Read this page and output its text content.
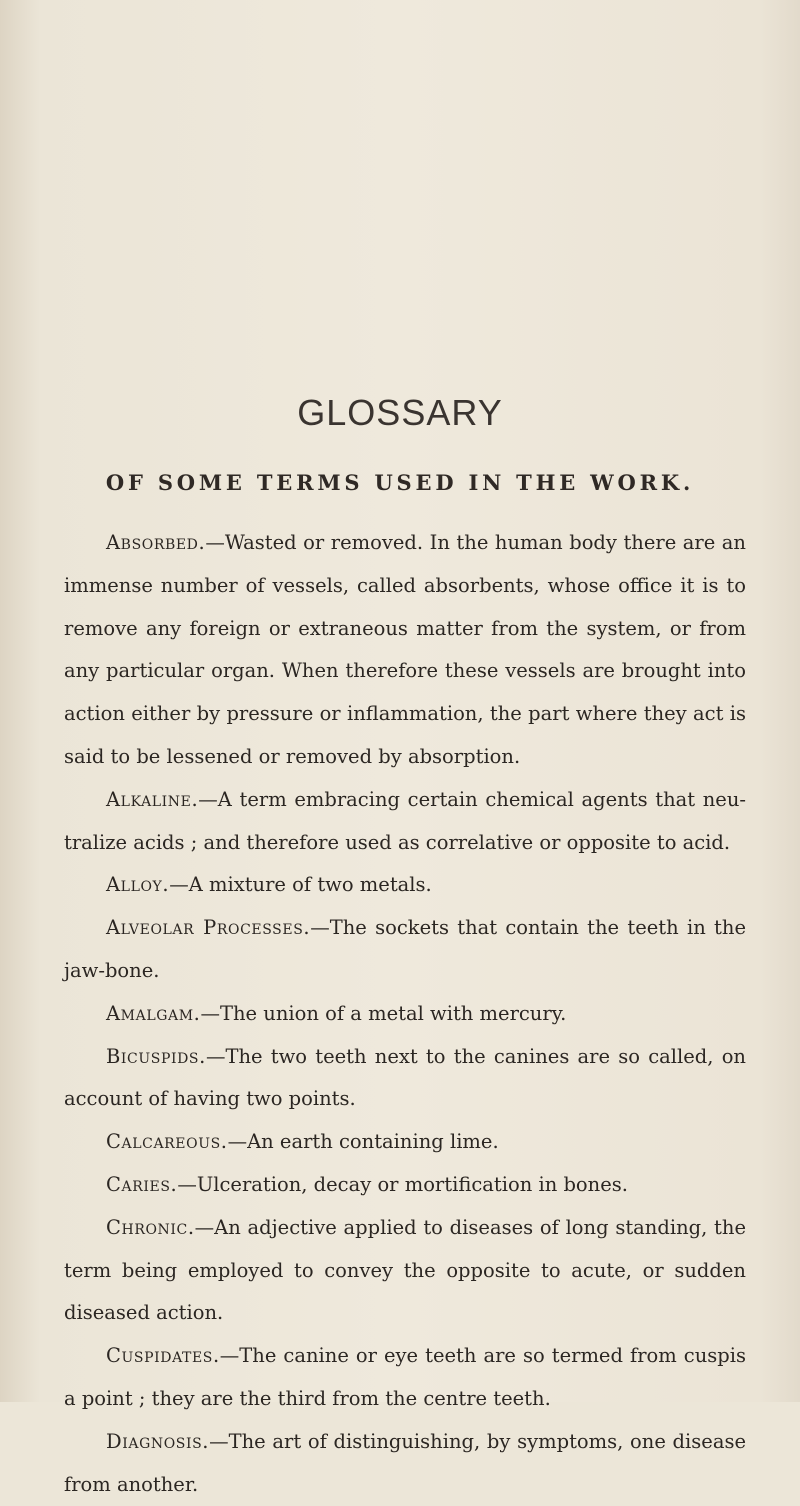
GLOSSARY
OF SOME TERMS USED IN THE WORK.

Absorbed.—Wasted or removed. In the human body there are an immense number of vessels, called absorbents, whose office it is to remove any foreign or extraneous matter from the system, or from any particular organ. When therefore these vessels are brought into action either by pressure or inflammation, the part where they act is said to be lessened or removed by absorption.

Alkaline.—A term embracing certain chemical agents that neutralize acids ; and therefore used as correlative or opposite to acid.

Alloy.—A mixture of two metals.

Alveolar Processes.—The sockets that contain the teeth in the jaw-bone.

Amalgam.—The union of a metal with mercury.

Bicuspids.—The two teeth next to the canines are so called, on account of having two points.

Calcareous.—An earth containing lime.

Caries.—Ulceration, decay or mortification in bones.

Chronic.—An adjective applied to diseases of long standing, the term being employed to convey the opposite to acute, or sudden diseased action.

Cuspidates.—The canine or eye teeth are so termed from cuspis a point ; they are the third from the centre teeth.

Diagnosis.—The art of distinguishing, by symptoms, one disease from another.
